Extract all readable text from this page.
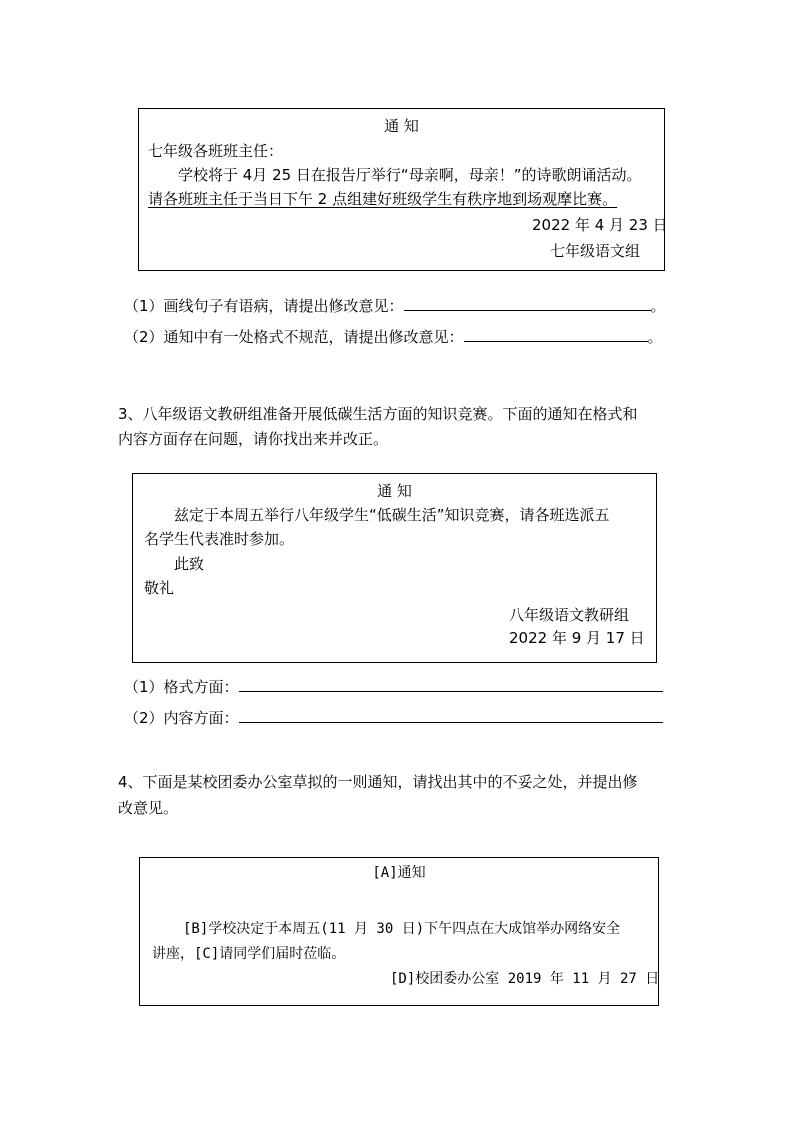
通 知
七年级各班班主任：
学校将于 4月 25 日在报告厅举行“母亲啊，母亲！”的诗歌朗诵活动。
请各班班主任于当日下午 2 点组建好班级学生有秩序地到场观摩比赛。
2022 年 4 月 23 日
七年级语文组
（1）画线句子有语病，请提出修改意见：	。
（2）通知中有一处格式不规范，请提出修改意见：	。
3、八年级语文教研组准备开展低碳生活方面的知识竞赛。下面的通知在格式和
内容方面存在问题，请你找出来并改正。
通 知
兹定于本周五举行八年级学生“低碳生活”知识竞赛，请各班选派五
名学生代表准时参加。
此致
敬礼
八年级语文教研组
2022 年 9 月 17 日
（1）格式方面：
（2）内容方面：
4、下面是某校团委办公室草拟的一则通知，请找出其中的不妥之处，并提出修
改意见。
[A]通知
[B]学校决定于本周五(11 月 30 日)下午四点在大成馆举办网络安全
讲座，[C]请同学们届时莅临。
[D]校团委办公室 2019 年 11 月 27 日
